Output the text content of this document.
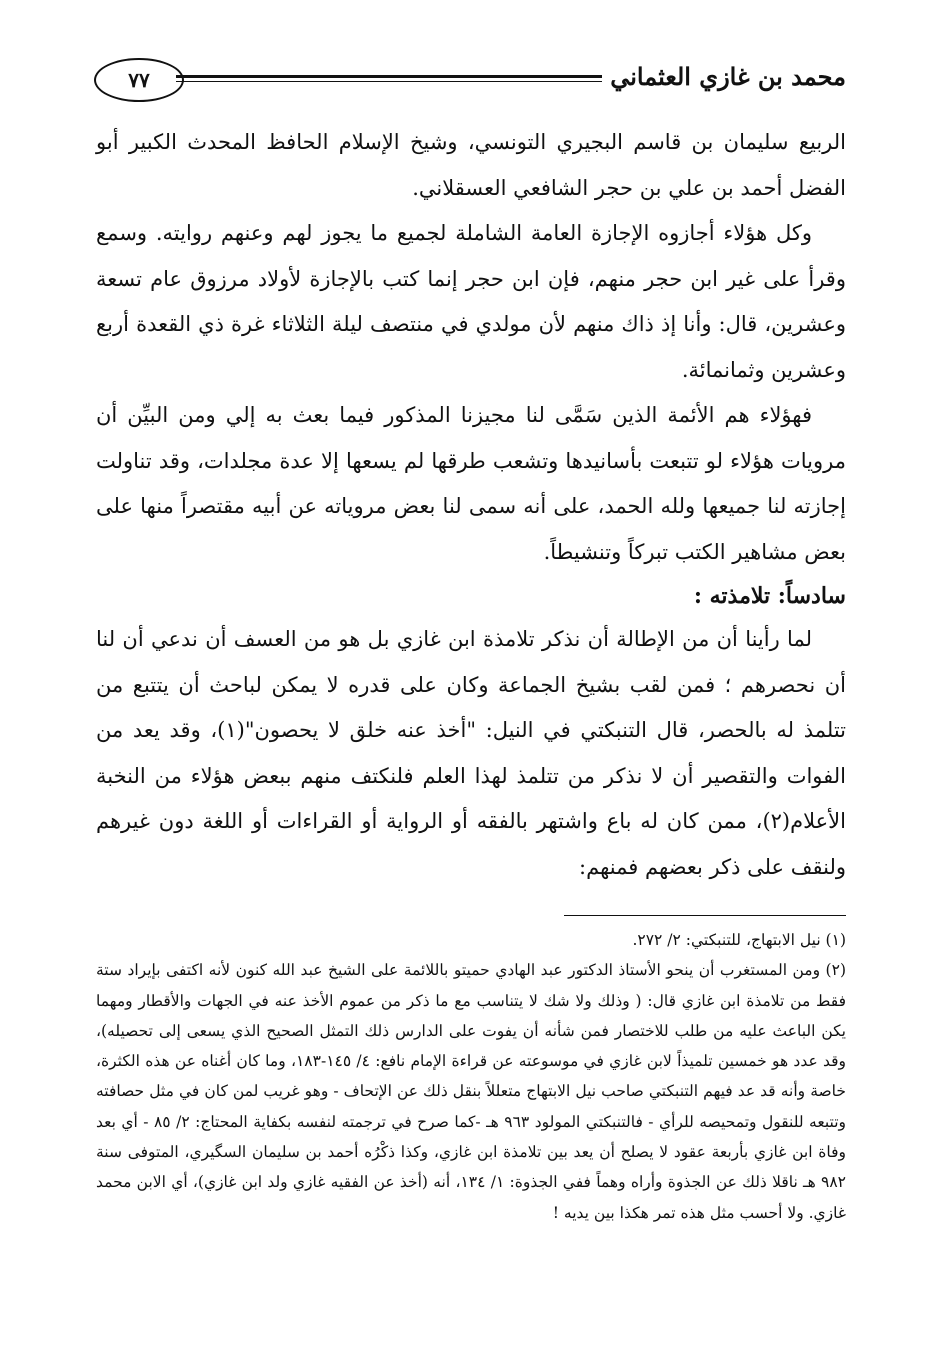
محمد بن غازي العثماني
٧٧

الربيع سليمان بن قاسم البجيري التونسي، وشيخ الإسلام الحافظ المحدث الكبير أبو الفضل أحمد بن علي بن حجر الشافعي العسقلاني.

وكل هؤلاء أجازوه الإجازة العامة الشاملة لجميع ما يجوز لهم وعنهم روايته. وسمع وقرأ على غير ابن حجر منهم، فإن ابن حجر إنما كتب بالإجازة لأولاد مرزوق عام تسعة وعشرين، قال: وأنا إذ ذاك منهم لأن مولدي في منتصف ليلة الثلاثاء غرة ذي القعدة أربع وعشرين وثمانمائة.

فهؤلاء هم الأئمة الذين سَمَّى لنا مجيزنا المذكور فيما بعث به إلي ومن البيِّن أن مرويات هؤلاء لو تتبعت بأسانيدها وتشعب طرقها لم يسعها إلا عدة مجلدات، وقد تناولت إجازته لنا جميعها ولله الحمد، على أنه سمى لنا بعض مروياته عن أبيه مقتصراً منها على بعض مشاهير الكتب تبركاً وتنشيطاً.

سادساً: تلامذته :

لما رأينا أن من الإطالة أن نذكر تلامذة ابن غازي بل هو من العسف أن ندعي أن لنا أن نحصرهم ؛ فمن لقب بشيخ الجماعة وكان على قدره لا يمكن لباحث أن يتتبع من تتلمذ له بالحصر، قال التنبكتي في النيل: "أخذ عنه خلق لا يحصون"(١)، وقد يعد من الفوات والتقصير أن لا نذكر من تتلمذ لهذا العلم فلنكتف منهم ببعض هؤلاء من النخبة الأعلام(٢)، ممن كان له باع واشتهر بالفقه أو الرواية أو القراءات أو اللغة دون غيرهم ولنقف على ذكر بعضهم فمنهم:

(١) نيل الابتهاج، للتنبكتي: ٢/ ٢٧٢.

(٢) ومن المستغرب أن ينحو الأستاذ الدكتور عبد الهادي حميتو باللائمة على الشيخ عبد الله كنون لأنه اكتفى بإيراد ستة فقط من تلامذة ابن غازي قال: ( وذلك ولا شك لا يتناسب مع ما ذكر من عموم الأخذ عنه في الجهات والأقطار ومهما يكن الباعث عليه من طلب للاختصار فمن شأنه أن يفوت على الدارس ذلك التمثل الصحيح الذي يسعى إلى تحصيله)، وقد عدد هو خمسين تلميذاً لابن غازي في موسوعته عن قراءة الإمام نافع: ٤/ ١٤٥-١٨٣، وما كان أغناه عن هذه الكثرة، خاصة وأنه قد عد فيهم التنبكتي صاحب نيل الابتهاج متعللاً بنقل ذلك عن الإتحاف - وهو غريب لمن كان في مثل حصافته وتتبعه للنقول وتمحيصه للرأي - فالتنبكتي المولود ٩٦٣ هـ -كما صرح في ترجمته لنفسه بكفاية المحتاج: ٢/ ٨٥ - أي بعد وفاة ابن غازي بأربعة عقود لا يصلح أن يعد بين تلامذة ابن غازي، وكذا ذكْرُه أحمد بن سليمان السگيري، المتوفى سنة ٩٨٢ هـ ناقلا ذلك عن الجذوة وأراه وهماً ففي الجذوة: ١/ ١٣٤، أنه (أخذ عن الفقيه غازي ولد ابن غازي)، أي الابن محمد غازي. ولا أحسب مثل هذه تمر هكذا بين يديه !
